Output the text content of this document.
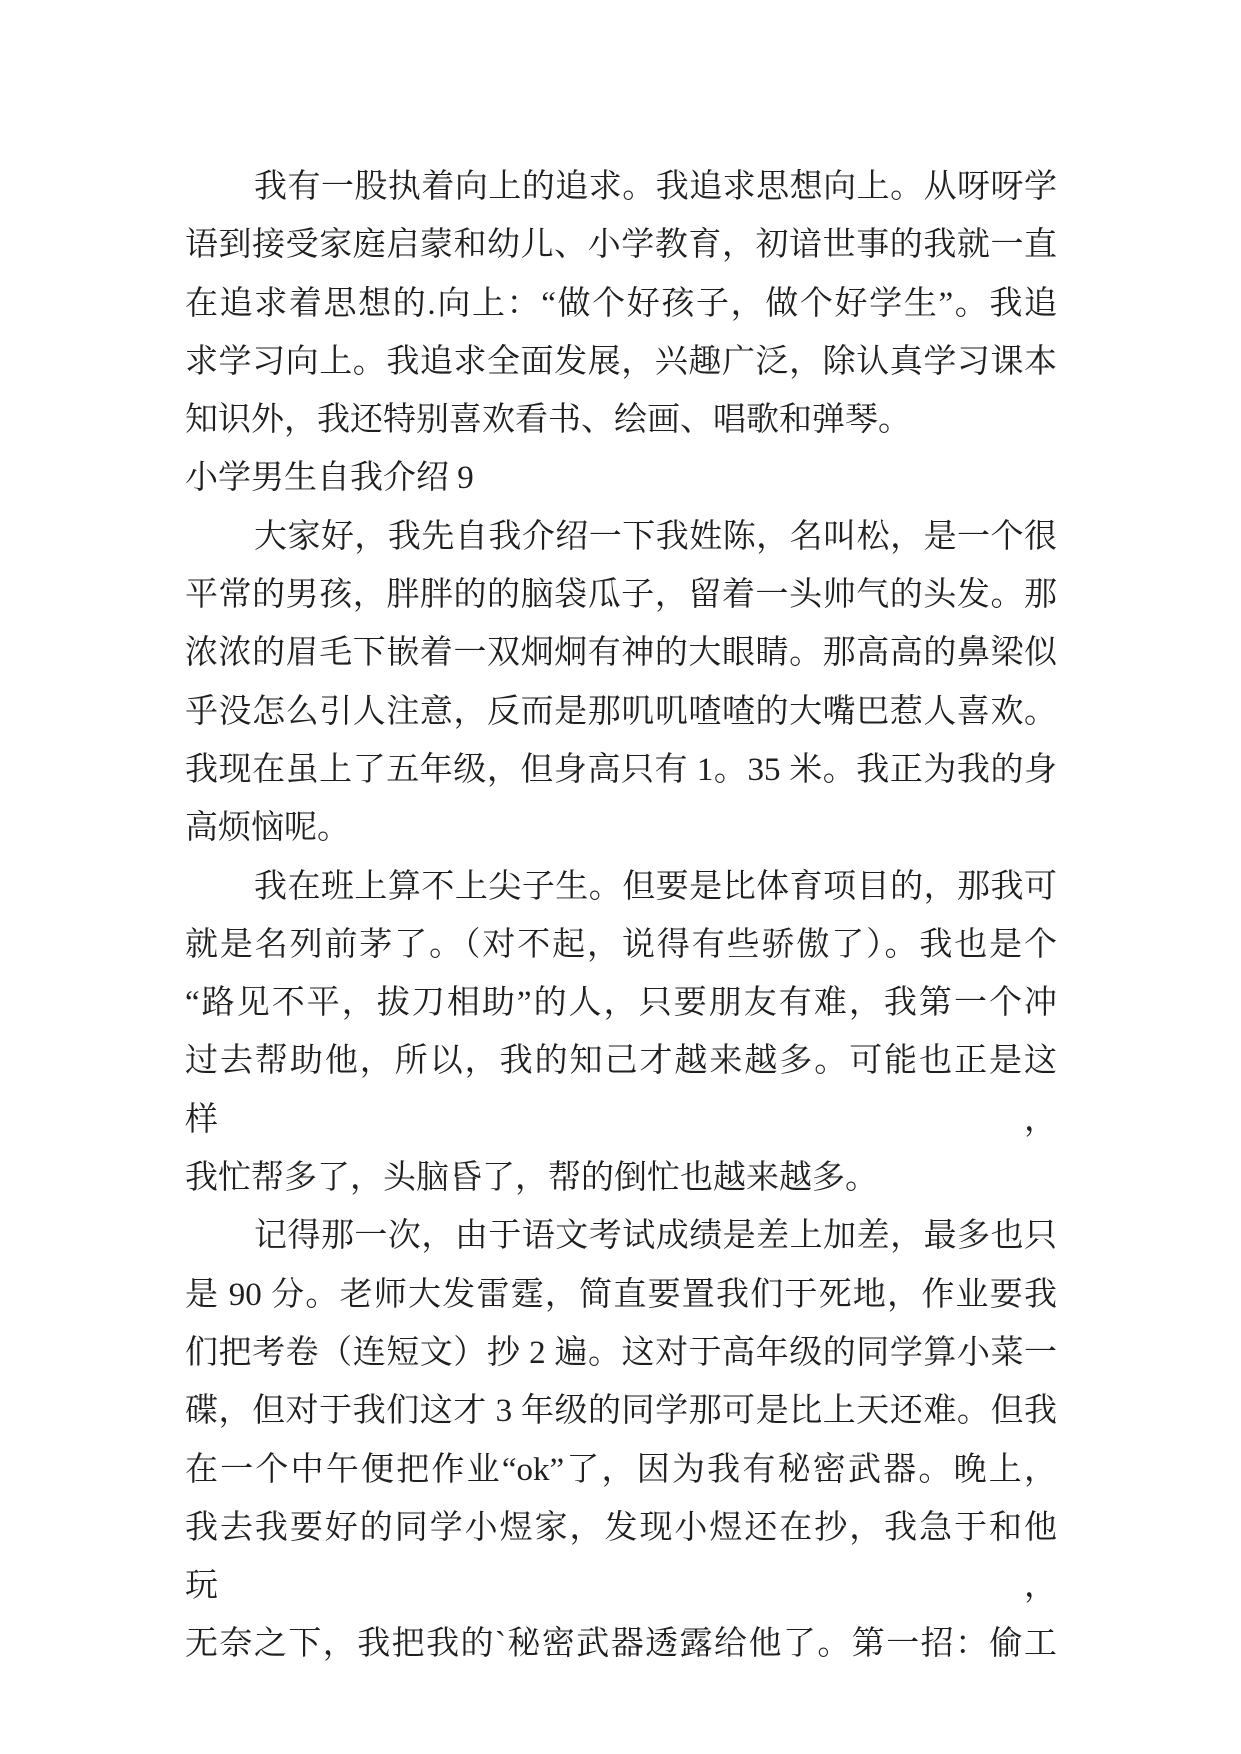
我有一股执着向上的追求。我追求思想向上。从呀呀学
语到接受家庭启蒙和幼儿、小学教育，初谙世事的我就一直
在追求着思想的.向上：“做个好孩子，做个好学生”。我追
求学习向上。我追求全面发展，兴趣广泛，除认真学习课本
知识外，我还特别喜欢看书、绘画、唱歌和弹琴。
小学男生自我介绍 9
大家好，我先自我介绍一下我姓陈，名叫松，是一个很
平常的男孩，胖胖的的脑袋瓜子，留着一头帅气的头发。那
浓浓的眉毛下嵌着一双炯炯有神的大眼睛。那高高的鼻梁似
乎没怎么引人注意，反而是那叽叽喳喳的大嘴巴惹人喜欢。
我现在虽上了五年级，但身高只有 1。35 米。我正为我的身
高烦恼呢。
我在班上算不上尖子生。但要是比体育项目的，那我可
就是名列前茅了。（对不起，说得有些骄傲了）。我也是个
“路见不平，拔刀相助”的人，只要朋友有难，我第一个冲
过去帮助他，所以，我的知己才越来越多。可能也正是这样，
我忙帮多了，头脑昏了，帮的倒忙也越来越多。
记得那一次，由于语文考试成绩是差上加差，最多也只
是 90 分。老师大发雷霆，简直要置我们于死地，作业要我
们把考卷（连短文）抄 2 遍。这对于高年级的同学算小菜一
碟，但对于我们这才 3 年级的同学那可是比上天还难。但我
在一个中午便把作业“ok”了，因为我有秘密武器。晚上，
我去我要好的同学小煜家，发现小煜还在抄，我急于和他玩，
无奈之下，我把我的`秘密武器透露给他了。第一招：偷工
